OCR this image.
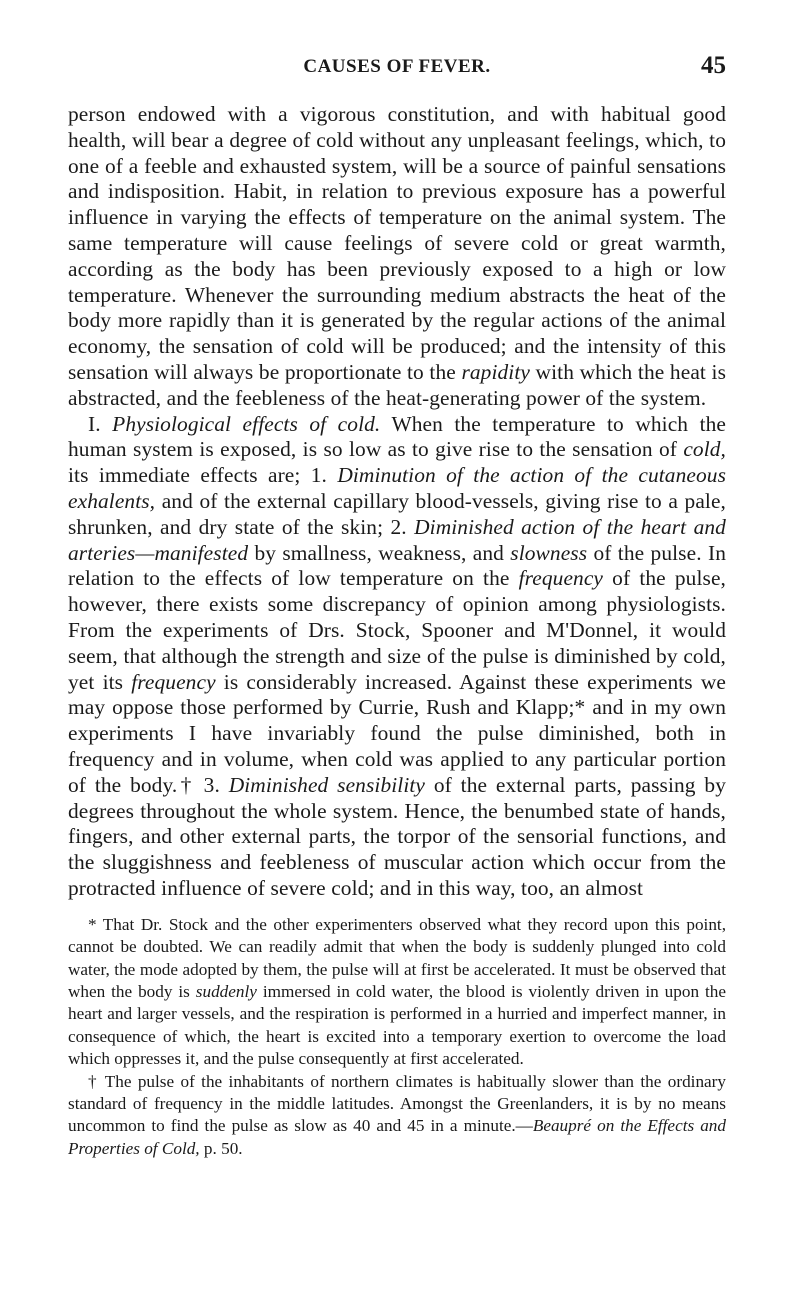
CAUSES OF FEVER.	45

person endowed with a vigorous constitution, and with habitual good health, will bear a degree of cold without any unpleasant feelings, which, to one of a feeble and exhausted system, will be a source of painful sensations and indisposition. Habit, in relation to previous exposure has a powerful influence in varying the effects of temperature on the animal system. The same temperature will cause feelings of severe cold or great warmth, according as the body has been previously exposed to a high or low temperature. Whenever the surrounding medium abstracts the heat of the body more rapidly than it is generated by the regular actions of the animal economy, the sensation of cold will be produced; and the intensity of this sensation will always be proportionate to the rapidity with which the heat is abstracted, and the feebleness of the heat-generating power of the system.

I. Physiological effects of cold. When the temperature to which the human system is exposed, is so low as to give rise to the sensation of cold, its immediate effects are; 1. Diminution of the action of the cutaneous exhalents, and of the external capillary blood-vessels, giving rise to a pale, shrunken, and dry state of the skin; 2. Diminished action of the heart and arteries—manifested by smallness, weakness, and slowness of the pulse. In relation to the effects of low temperature on the frequency of the pulse, however, there exists some discrepancy of opinion among physiologists. From the experiments of Drs. Stock, Spooner and M'Donnel, it would seem, that although the strength and size of the pulse is diminished by cold, yet its frequency is considerably increased. Against these experiments we may oppose those performed by Currie, Rush and Klapp;* and in my own experiments I have invariably found the pulse diminished, both in frequency and in volume, when cold was applied to any particular portion of the body.† 3. Diminished sensibility of the external parts, passing by degrees throughout the whole system. Hence, the benumbed state of hands, fingers, and other external parts, the torpor of the sensorial functions, and the sluggishness and feebleness of muscular action which occur from the protracted influence of severe cold; and in this way, too, an almost

* That Dr. Stock and the other experimenters observed what they record upon this point, cannot be doubted. We can readily admit that when the body is suddenly plunged into cold water, the mode adopted by them, the pulse will at first be accelerated. It must be observed that when the body is suddenly immersed in cold water, the blood is violently driven in upon the heart and larger vessels, and the respiration is performed in a hurried and imperfect manner, in consequence of which, the heart is excited into a temporary exertion to overcome the load which oppresses it, and the pulse consequently at first accelerated.

† The pulse of the inhabitants of northern climates is habitually slower than the ordinary standard of frequency in the middle latitudes. Amongst the Greenlanders, it is by no means uncommon to find the pulse as slow as 40 and 45 in a minute.—Beaupré on the Effects and Properties of Cold, p. 50.
